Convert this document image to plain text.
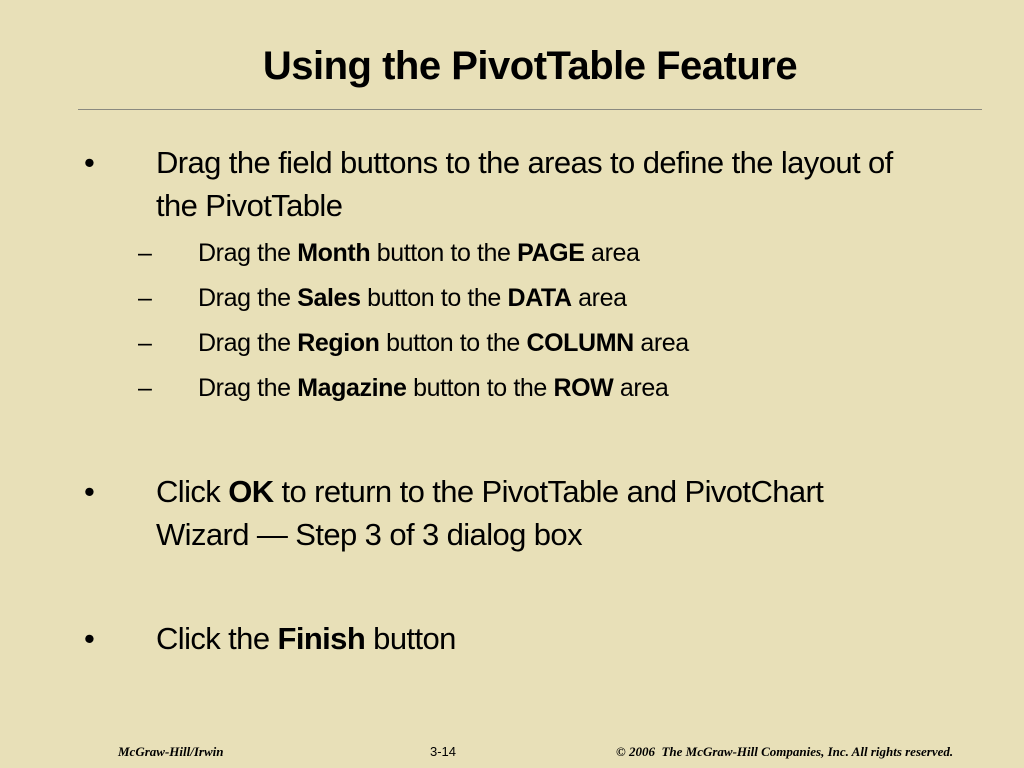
Using the PivotTable Feature
•	Drag the field buttons to the areas to define the layout of
the PivotTable
–	Drag the Month button to the PAGE area
–	Drag the Sales button to the DATA area
–	Drag the Region button to the COLUMN area
–	Drag the Magazine button to the ROW area
•	Click OK to return to the PivotTable and PivotChart
Wizard — Step 3 of 3 dialog box
•	Click the Finish button
McGraw-Hill/Irwin	3-14	© 2006  The McGraw-Hill Companies, Inc. All rights reserved.
